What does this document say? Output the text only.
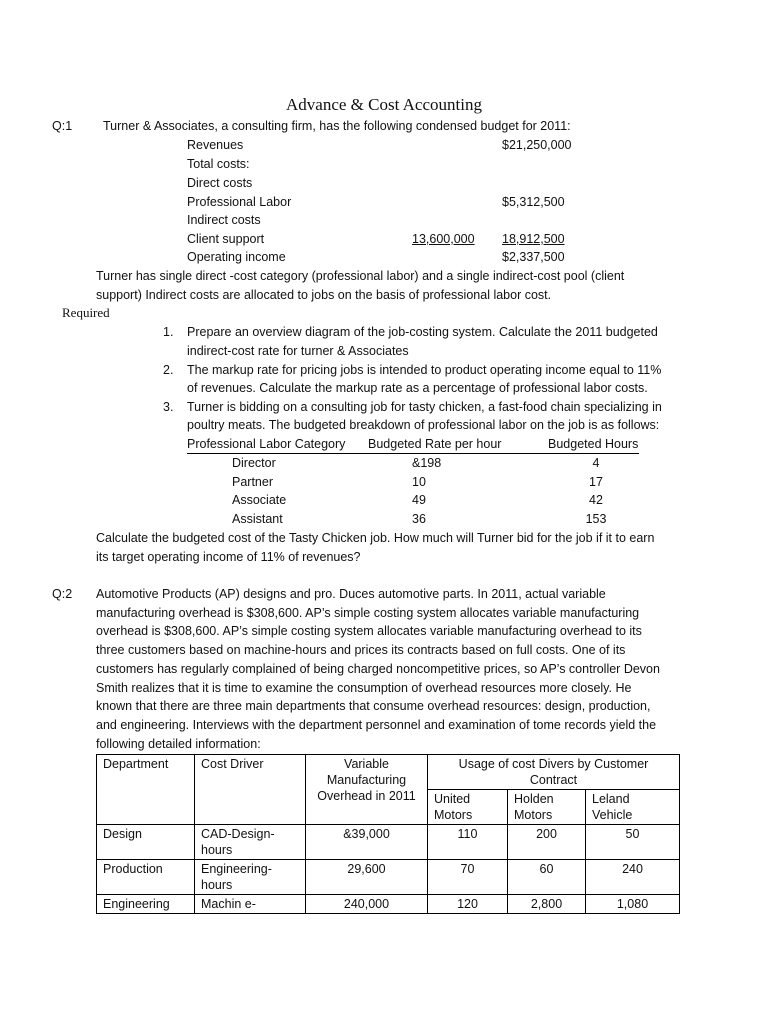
Advance & Cost Accounting
Q:1 Turner & Associates, a consulting firm, has the following condensed budget for 2011:
Revenues	$21,250,000
Total costs:
Direct costs
Professional Labor	$5,312,500
Indirect costs
Client support	13,600,000 18,912,500
Operating income	$2,337,500
Turner has single direct -cost category (professional labor) and a single indirect-cost pool (client
support) Indirect costs are allocated to jobs on the basis of professional labor cost.
Required
1. Prepare an overview diagram of the job-costing system. Calculate the 2011 budgeted
indirect-cost rate for turner & Associates
2. The markup rate for pricing jobs is intended to product operating income equal to 11%
of revenues. Calculate the markup rate as a percentage of professional labor costs.
3. Turner is bidding on a consulting job for tasty chicken, a fast-food chain specializing in
poultry meats. The budgeted breakdown of professional labor on the job is as follows:
Professional Labor Category Budgeted Rate per hour	Budgeted Hours
Director	&198	4
Partner	10	17
Associate	49	42
Assistant	36	153
Calculate the budgeted cost of the Tasty Chicken job. How much will Turner bid for the job if it to earn
its target operating income of 11% of revenues?
Q:2 Automotive Products (AP) designs and pro. Duces automotive parts. In 2011, actual variable
manufacturing overhead is $308,600. AP’s simple costing system allocates variable manufacturing
overhead is $308,600. AP’s simple costing system allocates variable manufacturing overhead to its
three customers based on machine-hours and prices its contracts based on full costs. One of its
customers has regularly complained of being charged noncompetitive prices, so AP’s controller Devon
Smith realizes that it is time to examine the consumption of overhead resources more closely. He
known that there are three main departments that consume overhead resources: design, production,
and engineering. Interviews with the department personnel and examination of tome records yield the
following detailed information:
Department	Cost Driver	Variable Manufacturing Overhead in 2011	Usage of cost Divers by Customer Contract		
			United Motors	Holden Motors	Leland Vehicle
Design	CAD-Design-hours	&39,000	110	200	50
Production	Engineering-hours	29,600	70	60	240
Engineering	Machin e-	240,000	120	2,800	1,080
